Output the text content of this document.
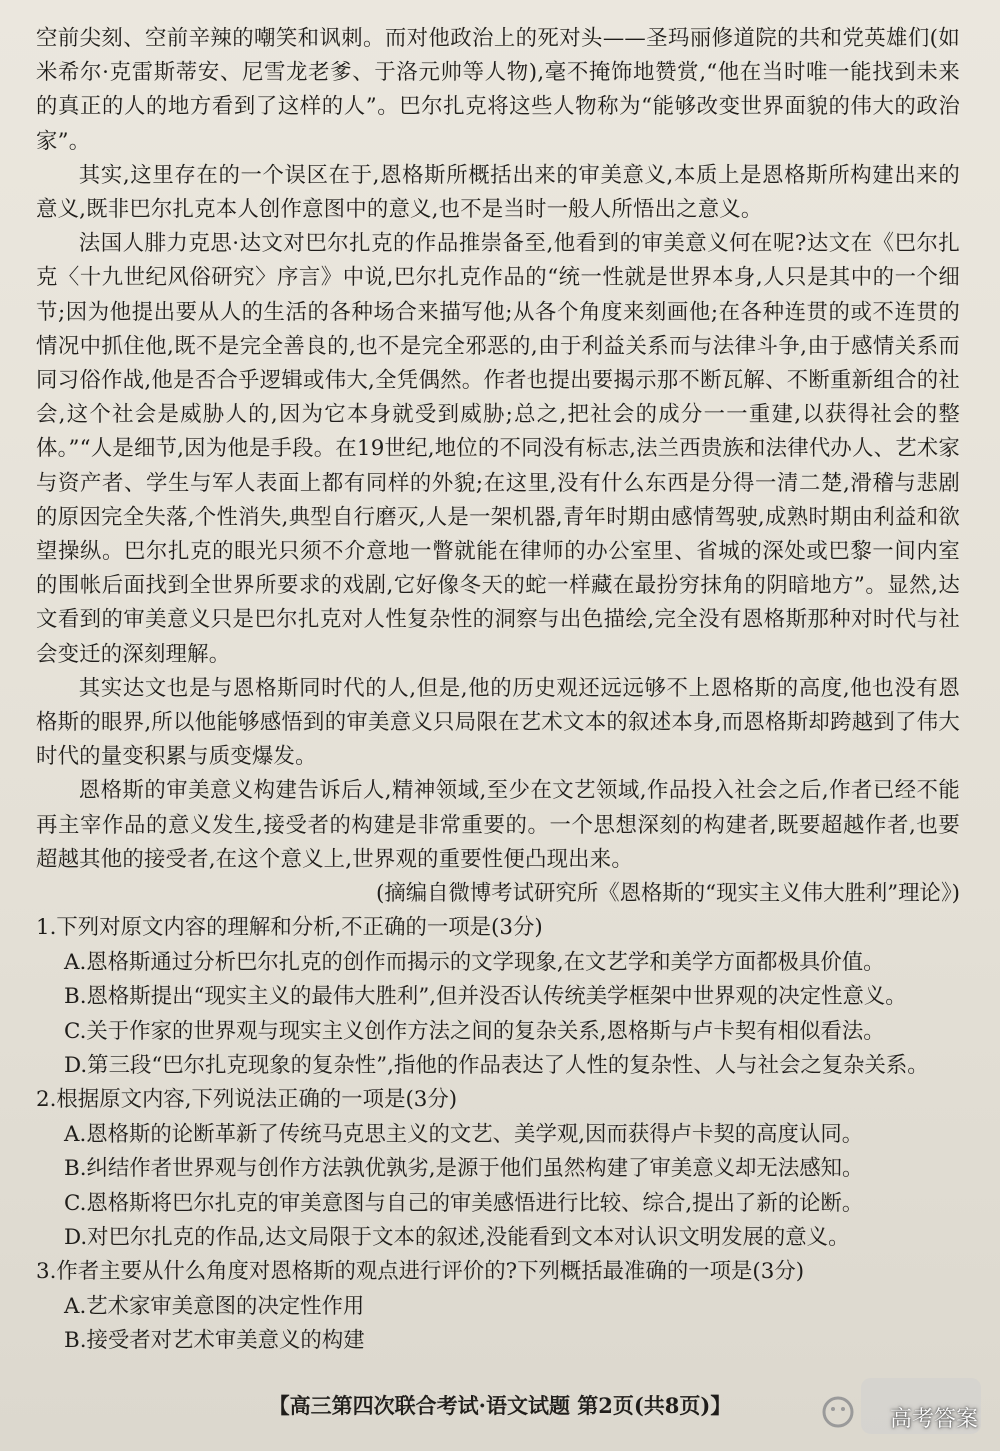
空前尖刻、空前辛辣的嘲笑和讽刺。而对他政治上的死对头——圣玛丽修道院的共和党英雄们(如米希尔·克雷斯蒂安、尼雪龙老爹、于洛元帅等人物),毫不掩饰地赞赏,“他在当时唯一能找到未来的真正的人的地方看到了这样的人”。巴尔扎克将这些人物称为“能够改变世界面貌的伟大的政治家”。

其实,这里存在的一个误区在于,恩格斯所概括出来的审美意义,本质上是恩格斯所构建出来的意义,既非巴尔扎克本人创作意图中的意义,也不是当时一般人所悟出之意义。

法国人腓力克思·达文对巴尔扎克的作品推崇备至,他看到的审美意义何在呢?达文在《巴尔扎克〈十九世纪风俗研究〉序言》中说,巴尔扎克作品的“统一性就是世界本身,人只是其中的一个细节;因为他提出要从人的生活的各种场合来描写他;从各个角度来刻画他;在各种连贯的或不连贯的情况中抓住他,既不是完全善良的,也不是完全邪恶的,由于利益关系而与法律斗争,由于感情关系而同习俗作战,他是否合乎逻辑或伟大,全凭偶然。作者也提出要揭示那不断瓦解、不断重新组合的社会,这个社会是威胁人的,因为它本身就受到威胁;总之,把社会的成分一一重建,以获得社会的整体。”“人是细节,因为他是手段。在19世纪,地位的不同没有标志,法兰西贵族和法律代办人、艺术家与资产者、学生与军人表面上都有同样的外貌;在这里,没有什么东西是分得一清二楚,滑稽与悲剧的原因完全失落,个性消失,典型自行磨灭,人是一架机器,青年时期由感情驾驶,成熟时期由利益和欲望操纵。巴尔扎克的眼光只须不介意地一瞥就能在律师的办公室里、省城的深处或巴黎一间内室的围帐后面找到全世界所要求的戏剧,它好像冬天的蛇一样藏在最扮穷抹角的阴暗地方”。显然,达文看到的审美意义只是巴尔扎克对人性复杂性的洞察与出色描绘,完全没有恩格斯那种对时代与社会变迁的深刻理解。

其实达文也是与恩格斯同时代的人,但是,他的历史观还远远够不上恩格斯的高度,他也没有恩格斯的眼界,所以他能够感悟到的审美意义只局限在艺术文本的叙述本身,而恩格斯却跨越到了伟大时代的量变积累与质变爆发。

恩格斯的审美意义构建告诉后人,精神领域,至少在文艺领域,作品投入社会之后,作者已经不能再主宰作品的意义发生,接受者的构建是非常重要的。一个思想深刻的构建者,既要超越作者,也要超越其他的接受者,在这个意义上,世界观的重要性便凸现出来。

(摘编自微博考试研究所《恩格斯的“现实主义伟大胜利”理论》)

1.下列对原文内容的理解和分析,不正确的一项是(3分)

A.恩格斯通过分析巴尔扎克的创作而揭示的文学现象,在文艺学和美学方面都极具价值。

B.恩格斯提出“现实主义的最伟大胜利”,但并没否认传统美学框架中世界观的决定性意义。

C.关于作家的世界观与现实主义创作方法之间的复杂关系,恩格斯与卢卡契有相似看法。

D.第三段“巴尔扎克现象的复杂性”,指他的作品表达了人性的复杂性、人与社会之复杂关系。

2.根据原文内容,下列说法正确的一项是(3分)

A.恩格斯的论断革新了传统马克思主义的文艺、美学观,因而获得卢卡契的高度认同。

B.纠结作者世界观与创作方法孰优孰劣,是源于他们虽然构建了审美意义却无法感知。

C.恩格斯将巴尔扎克的审美意图与自己的审美感悟进行比较、综合,提出了新的论断。

D.对巴尔扎克的作品,达文局限于文本的叙述,没能看到文本对认识文明发展的意义。

3.作者主要从什么角度对恩格斯的观点进行评价的?下列概括最准确的一项是(3分)

A.艺术家审美意图的决定性作用

B.接受者对艺术审美意义的构建

【高三第四次联合考试·语文试题 第2页(共8页)】
高考答案
